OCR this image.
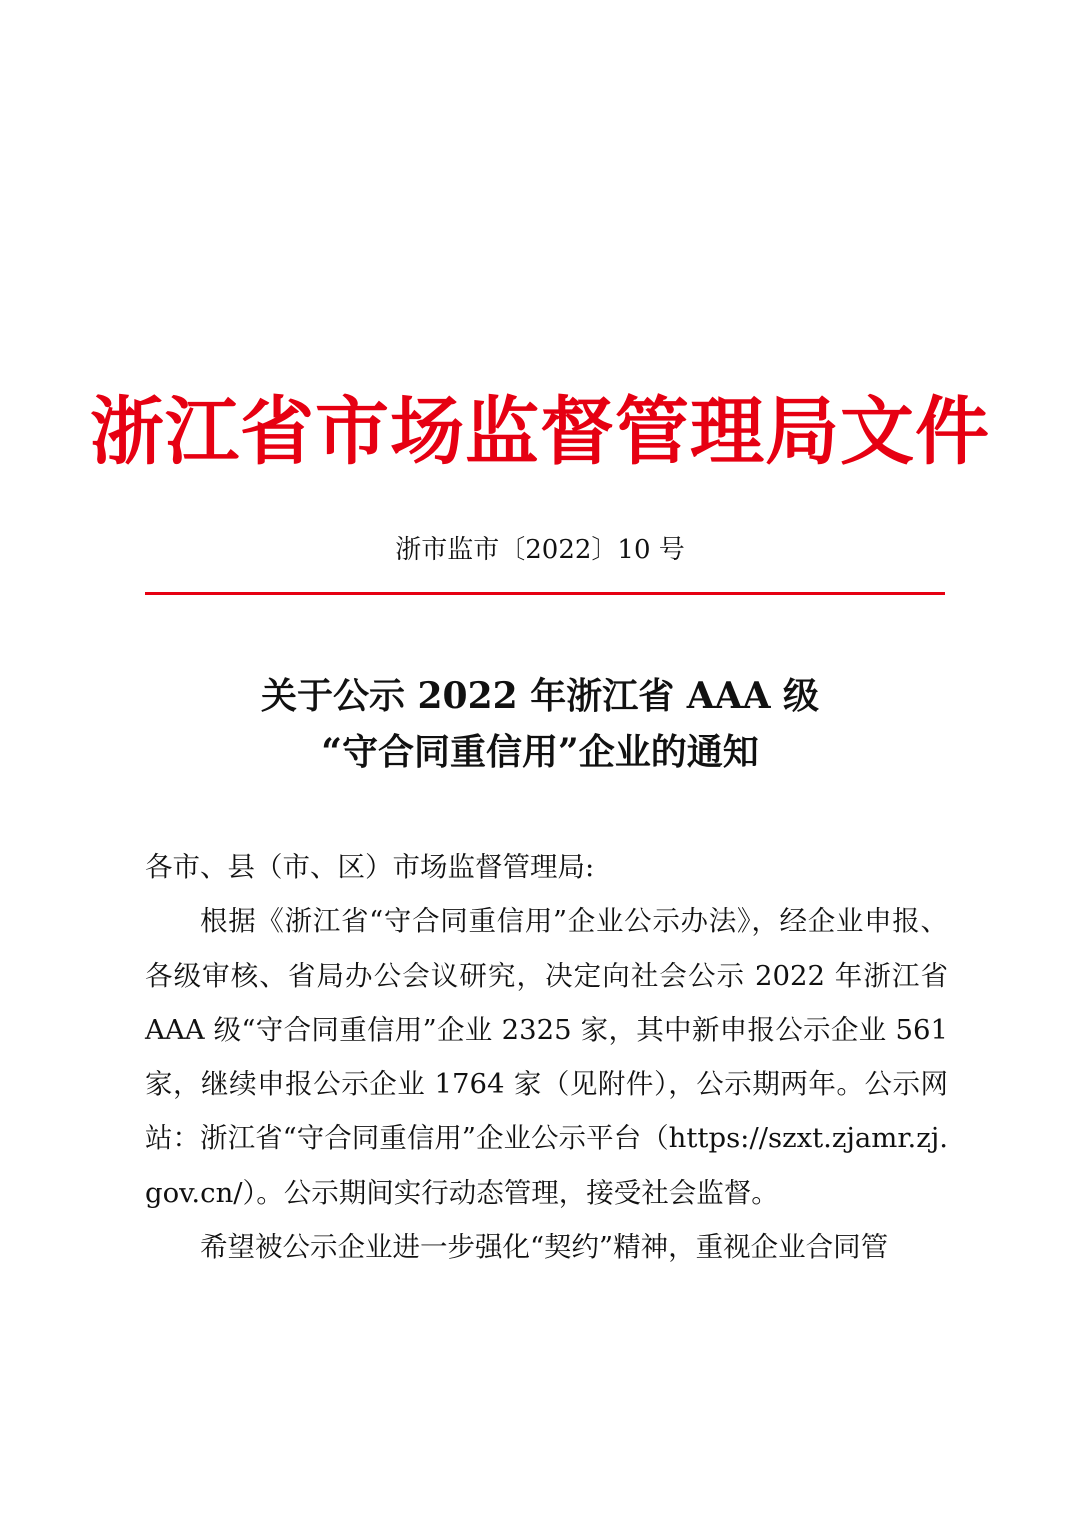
浙江省市场监督管理局文件
浙市监市〔2022〕10 号
关于公示 2022 年浙江省 AAA 级
“守合同重信用”企业的通知

各市、县（市、区）市场监督管理局:

根据《浙江省“守合同重信用”企业公示办法》，经企业申报、各级审核、省局办公会议研究，决定向社会公示 2022 年浙江省 AAA 级“守合同重信用”企业 2325 家，其中新申报公示企业 561 家，继续申报公示企业 1764 家（见附件），公示期两年。公示网站：浙江省“守合同重信用”企业公示平台（https://szxt.zjamr.zj.gov.cn/）。公示期间实行动态管理，接受社会监督。

希望被公示企业进一步强化“契约”精神，重视企业合同管
